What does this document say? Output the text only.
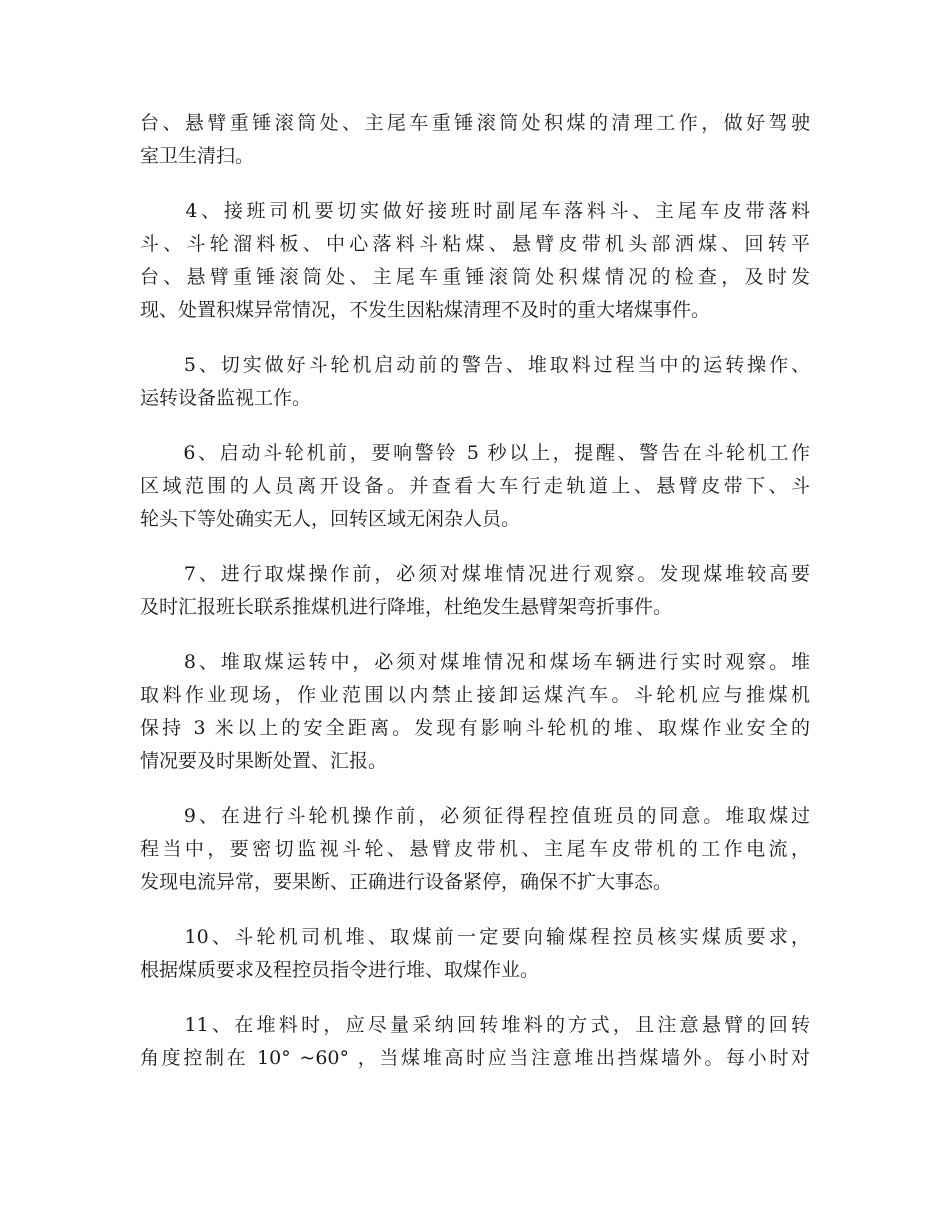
台、悬臂重锤滚筒处、主尾车重锤滚筒处积煤的清理工作，做好驾驶
室卫生清扫。
　　4、接班司机要切实做好接班时副尾车落料斗、主尾车皮带落料
斗、斗轮溜料板、中心落料斗粘煤、悬臂皮带机头部洒煤、回转平
台、悬臂重锤滚筒处、主尾车重锤滚筒处积煤情况的检查，及时发
现、处置积煤异常情况，不发生因粘煤清理不及时的重大堵煤事件。
　　5、切实做好斗轮机启动前的警告、堆取料过程当中的运转操作、
运转设备监视工作。
　　6、启动斗轮机前，要响警铃 5 秒以上，提醒、警告在斗轮机工作
区域范围的人员离开设备。并查看大车行走轨道上、悬臂皮带下、斗
轮头下等处确实无人，回转区域无闲杂人员。
　　7、进行取煤操作前，必须对煤堆情况进行观察。发现煤堆较高要
及时汇报班长联系推煤机进行降堆，杜绝发生悬臂架弯折事件。
　　8、堆取煤运转中，必须对煤堆情况和煤场车辆进行实时观察。堆
取料作业现场，作业范围以内禁止接卸运煤汽车。斗轮机应与推煤机
保持 3 米以上的安全距离。发现有影响斗轮机的堆、取煤作业安全的
情况要及时果断处置、汇报。
　　9、在进行斗轮机操作前，必须征得程控值班员的同意。堆取煤过
程当中，要密切监视斗轮、悬臂皮带机、主尾车皮带机的工作电流，
发现电流异常，要果断、正确进行设备紧停，确保不扩大事态。
　　10、斗轮机司机堆、取煤前一定要向输煤程控员核实煤质要求，
根据煤质要求及程控员指令进行堆、取煤作业。
　　11、在堆料时，应尽量采纳回转堆料的方式，且注意悬臂的回转
角度控制在 10° ~60° ，当煤堆高时应当注意堆出挡煤墙外。每小时对
